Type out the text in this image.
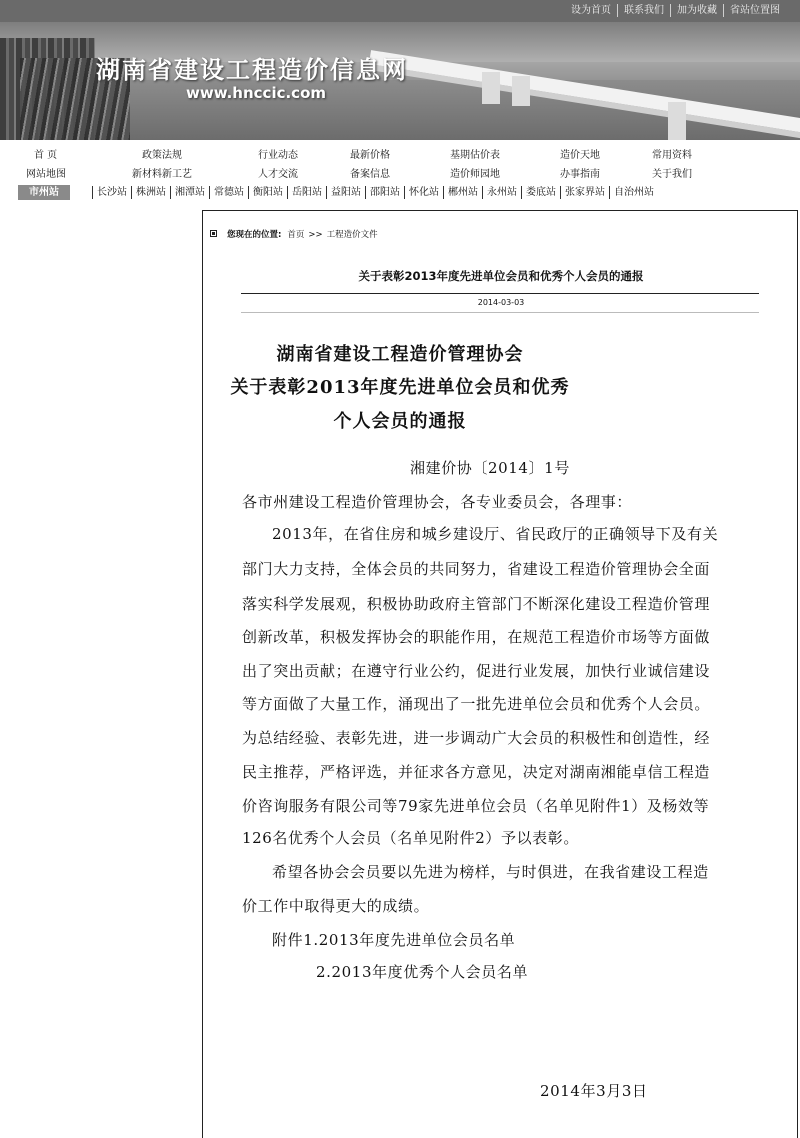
设为首页	联系我们	加为收藏	省站位置图
湖南省建设工程造价信息网
www.hnccic.com
首 页	政策法规	行业动态	最新价格	基期估价表	造价天地	常用资料
网站地图	新材料新工艺	人才交流	备案信息	造价师园地	办事指南	关于我们
市州站	长沙站 株洲站 湘潭站 常德站 衡阳站 岳阳站 益阳站 邵阳站 怀化站 郴州站 永州站 娄底站 张家界站 自治州站
您现在的位置: 首页 >> 工程造价文件
关于表彰2013年度先进单位会员和优秀个人会员的通报
2014-03-03
湖南省建设工程造价管理协会
关于表彰2013年度先进单位会员和优秀
个人会员的通报
湘建价协〔2014〕1号
各市州建设工程造价管理协会，各专业委员会，各理事：
2013年，在省住房和城乡建设厅、省民政厅的正确领导下及有关
部门大力支持，全体会员的共同努力，省建设工程造价管理协会全面
落实科学发展观，积极协助政府主管部门不断深化建设工程造价管理
创新改革，积极发挥协会的职能作用，在规范工程造价市场等方面做
出了突出贡献；在遵守行业公约，促进行业发展，加快行业诚信建设
等方面做了大量工作，涌现出了一批先进单位会员和优秀个人会员。
为总结经验、表彰先进，进一步调动广大会员的积极性和创造性，经
民主推荐，严格评选，并征求各方意见，决定对湖南湘能卓信工程造
价咨询服务有限公司等79家先进单位会员（名单见附件1）及杨效等
126名优秀个人会员（名单见附件2）予以表彰。
希望各协会会员要以先进为榜样，与时俱进，在我省建设工程造
价工作中取得更大的成绩。
附件1.2013年度先进单位会员名单
2.2013年度优秀个人会员名单
2014年3月3日
